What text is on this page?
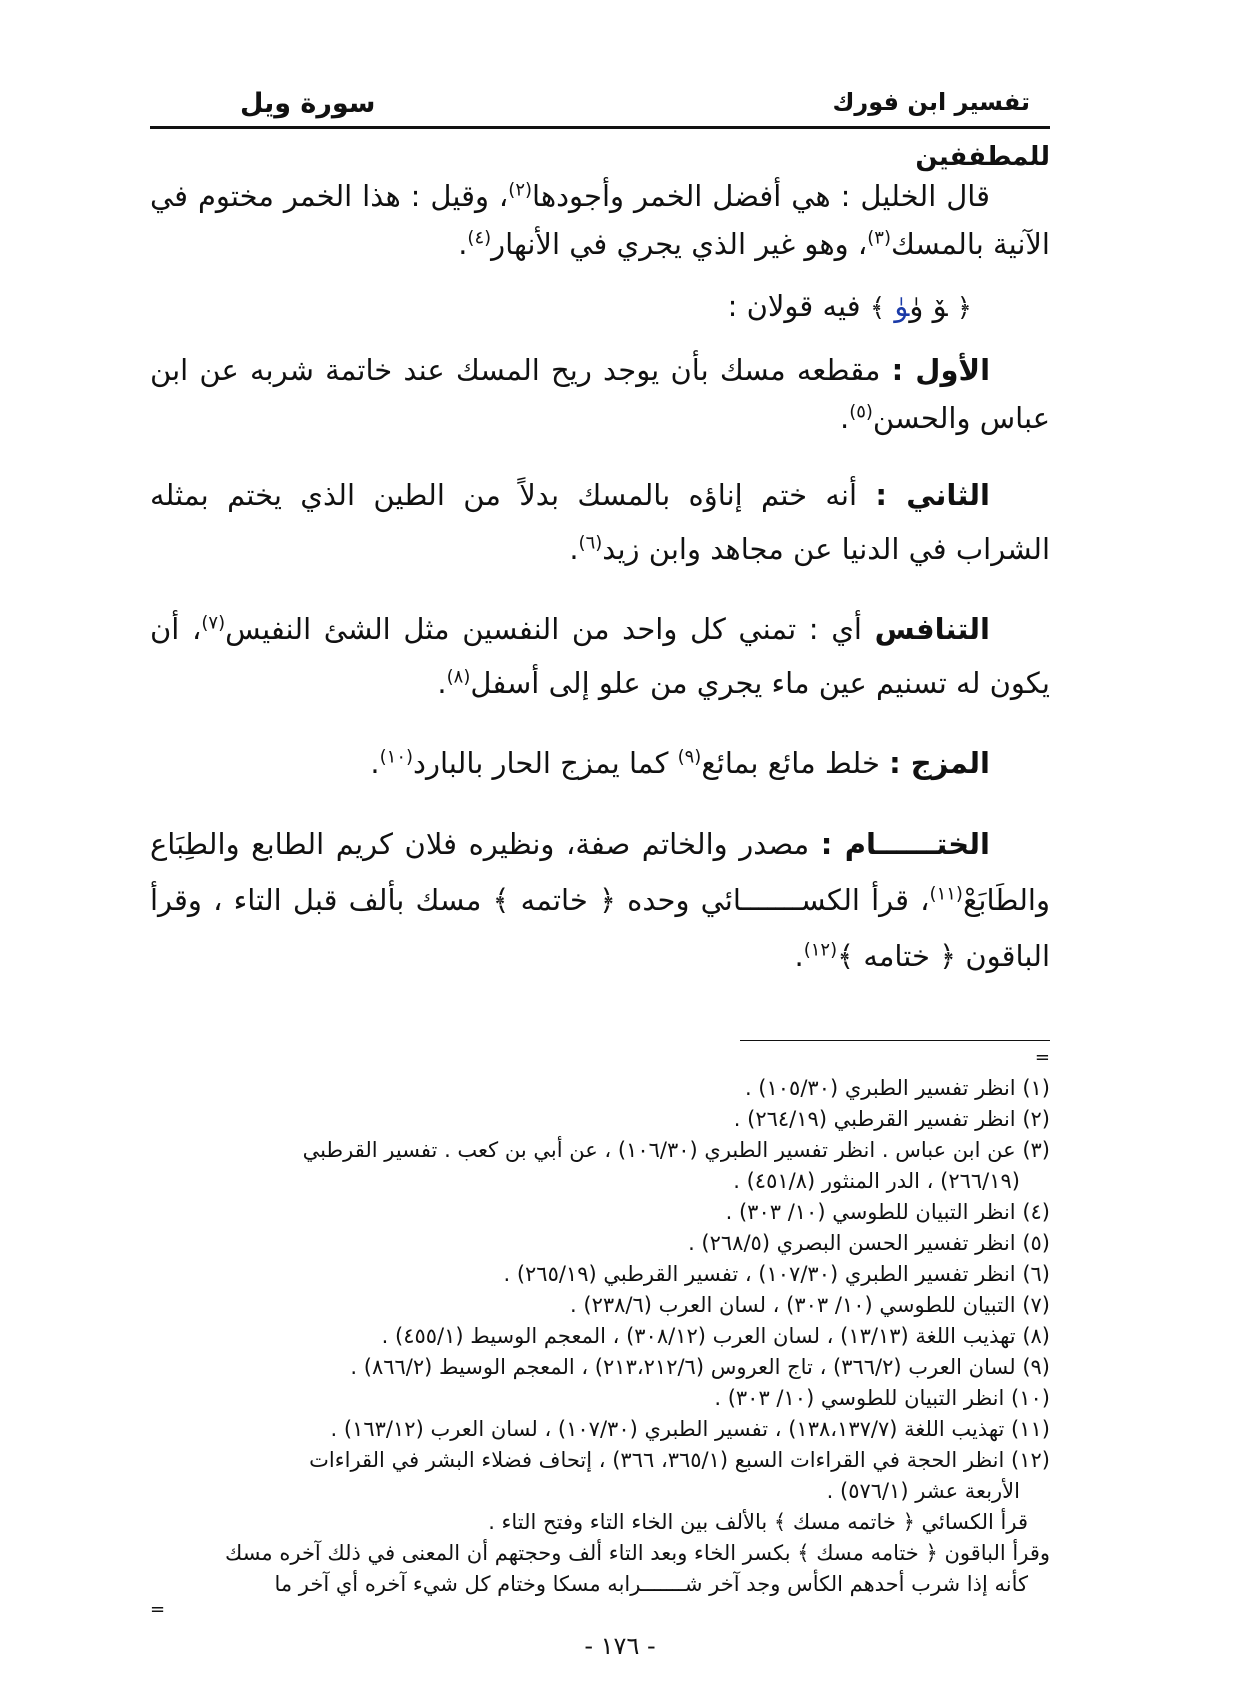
سورة ويل	تفسير ابن فورك
للمطففين

قال الخليل : هي أفضل الخمر وأجودها$^{(٢)}$، وقيل : هذا الخمر مختوم في الآنية بالمسك$^{(٣)}$، وهو غير الذي يجري في الأنهار$^{(٤)}$.

﴿ ﯚ ﯛﯜ ﴾ فيه قولان :

الأول : مقطعه مسك بأن يوجد ريح المسك عند خاتمة شربه عن ابن عباس والحسن$^{(٥)}$.

الثاني : أنه ختم إناؤه بالمسك بدلاً من الطين الذي يختم بمثله الشراب في الدنيا عن مجاهد وابن زيد$^{(٦)}$.

التنافس أي : تمني كل واحد من النفسين مثل الشئ النفيس$^{(٧)}$، أن يكون له تسنيم عين ماء يجري من علو إلى أسفل$^{(٨)}$.

المزج : خلط مائع بمائع$^{(٩)}$ كما يمزج الحار بالبارد$^{(١٠)}$.

الختــــــام : مصدر والخاتم صفة، ونظيره فلان كريم الطابع والطِبَاع والطَابَعْ$^{(١١)}$، قرأ الكســـــــائي وحده ﴿ خاتمه ﴾ مسك بألف قبل التاء ، وقرأ الباقون ﴿ ختامه ﴾$^{(١٢)}$.

=
(١) انظر تفسير الطبري (١٠٥/٣٠) .
(٢) انظر تفسير القرطبي (٢٦٤/١٩) .
(٣) عن ابن عباس . انظر تفسير الطبري (١٠٦/٣٠) ، عن أبي بن كعب . تفسير القرطبي
(٢٦٦/١٩) ، الدر المنثور (٤٥١/٨) .
(٤) انظر التبيان للطوسي (١٠/ ٣٠٣) .
(٥) انظر تفسير الحسن البصري (٢٦٨/٥) .
(٦) انظر تفسير الطبري (١٠٧/٣٠) ، تفسير القرطبي (٢٦٥/١٩) .
(٧) التبيان للطوسي (١٠/ ٣٠٣) ، لسان العرب (٢٣٨/٦) .
(٨) تهذيب اللغة (١٣/١٣) ، لسان العرب (٣٠٨/١٢) ، المعجم الوسيط (٤٥٥/١) .
(٩) لسان العرب (٣٦٦/٢) ، تاج العروس (٢١٣،٢١٢/٦) ، المعجم الوسيط (٨٦٦/٢) .
(١٠) انظر التبيان للطوسي (١٠/ ٣٠٣) .
(١١) تهذيب اللغة (١٣٨،١٣٧/٧) ، تفسير الطبري (١٠٧/٣٠) ، لسان العرب (١٦٣/١٢) .
(١٢) انظر الحجة في القراءات السبع (٣٦٥/١، ٣٦٦) ، إتحاف فضلاء البشر في القراءات
الأربعة عشر (٥٧٦/١) .
قرأ الكسائي ﴿ خاتمه مسك ﴾ بالألف بين الخاء التاء وفتح التاء .
وقرأ الباقون ﴿ ختامه مسك ﴾ بكسر الخاء وبعد التاء ألف وحجتهم أن المعنى في ذلك آخره مسك
كأنه إذا شرب أحدهم الكأس وجد آخر شـــــــرابه مسكا وختام كل شيء آخره أي آخر ما
=
- ١٧٦ -
